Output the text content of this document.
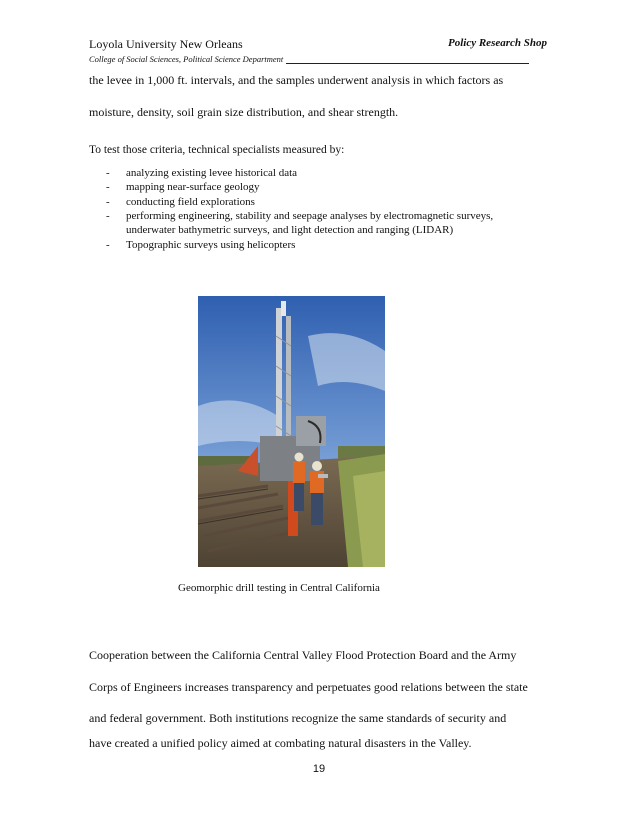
Loyola University New Orleans	Policy Research Shop
College of Social Sciences, Political Science Department
the levee in 1,000 ft. intervals, and the samples underwent analysis in which factors as
moisture, density, soil grain size distribution, and shear strength.
To test those criteria, technical specialists measured by:
- analyzing existing levee historical data
- mapping near-surface geology
- conducting field explorations
- performing engineering, stability and seepage analyses by electromagnetic surveys, underwater bathymetric surveys, and light detection and ranging (LIDAR)
- Topographic surveys using helicopters
Geomorphic drill testing in Central California
Cooperation between the California Central Valley Flood Protection Board and the Army
Corps of Engineers increases transparency and perpetuates good relations between the state
and federal government. Both institutions recognize the same standards of security and
have created a unified policy aimed at combating natural disasters in the Valley.
19
